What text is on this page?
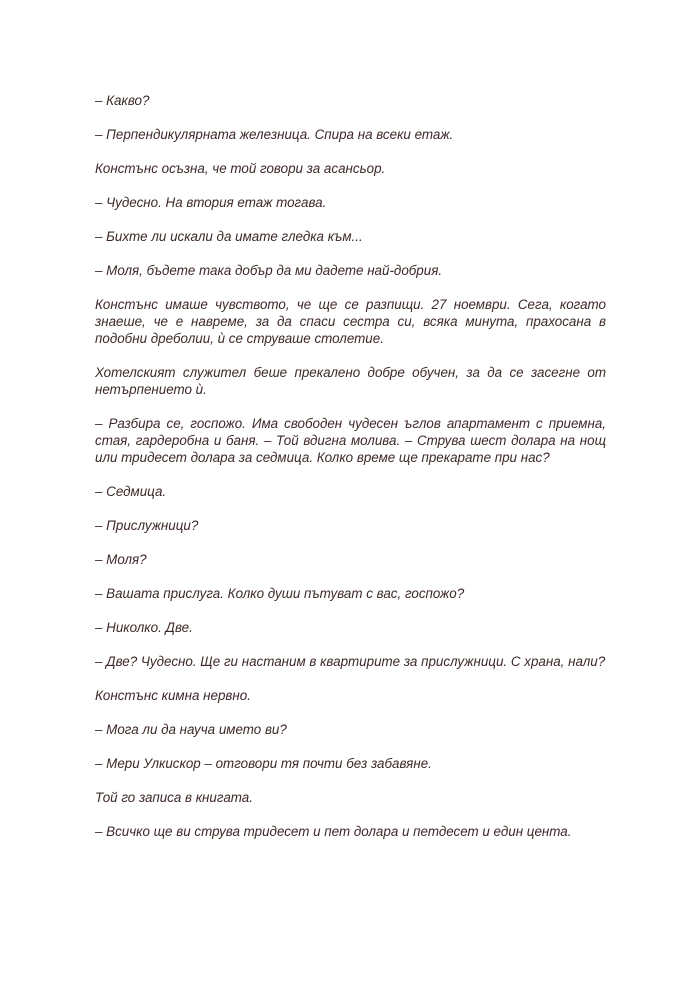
– Какво?

– Перпендикулярната железница. Спира на всеки етаж.

Констънс осъзна, че той говори за асансьор.

– Чудесно. На втория етаж тогава.

– Бихте ли искали да имате гледка към...

– Моля, бъдете така добър да ми дадете най-добрия.

Констънс имаше чувството, че ще се разпищи. 27 ноември. Сега, когато знаеше, че е навреме, за да спаси сестра си, всяка минута, прахосана в подобни дреболии, ѝ се струваше столетие.

Хотелският служител беше прекалено добре обучен, за да се засегне от нетърпението ѝ.

– Разбира се, госпожо. Има свободен чудесен ъглов апартамент с приемна, стая, гардеробна и баня. – Той вдигна молива. – Струва шест долара на нощ или тридесет долара за седмица. Колко време ще прекарате при нас?

– Седмица.

– Прислужници?

– Моля?

– Вашата прислуга. Колко души пътуват с вас, госпожо?

– Николко. Две.

– Две? Чудесно. Ще ги настаним в квартирите за прислужници. С храна, нали?

Констънс кимна нервно.

– Мога ли да науча името ви?

– Мери Улкискор – отговори тя почти без забавяне.

Той го записа в книгата.

– Всичко ще ви струва тридесет и пет долара и петдесет и един цента.
